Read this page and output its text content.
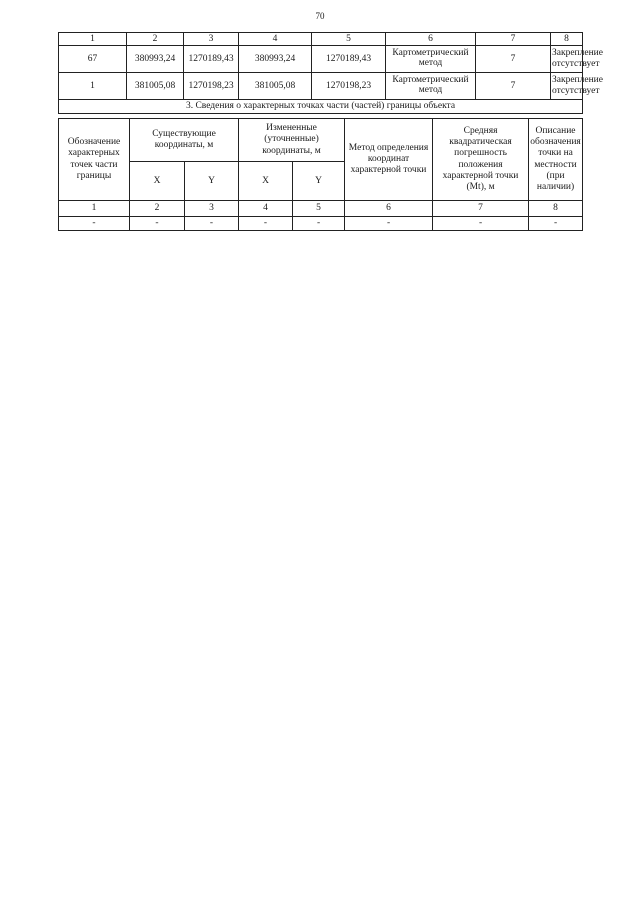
70
1	2	3	4	5	6	7	8
67	380993,24	1270189,43	380993,24	1270189,43	Картометрический метод	7	Закрепление отсутствует
1	381005,08	1270198,23	381005,08	1270198,23	Картометрический метод	7	Закрепление отсутствует
3. Сведения о характерных точках части (частей) границы объекта							
Обозначение характерных точек части границы	Существующие координаты, м		Измененные (уточненные) координаты, м		Метод определения координат характерной точки	Средняя квадратическая погрешность положения характерной точки (Mt), м	Описание обозначения точки на местности (при наличии)
	X	Y	X	Y			
1	2	3	4	5	6	7	8
-	-	-	-	-	-	-	-
